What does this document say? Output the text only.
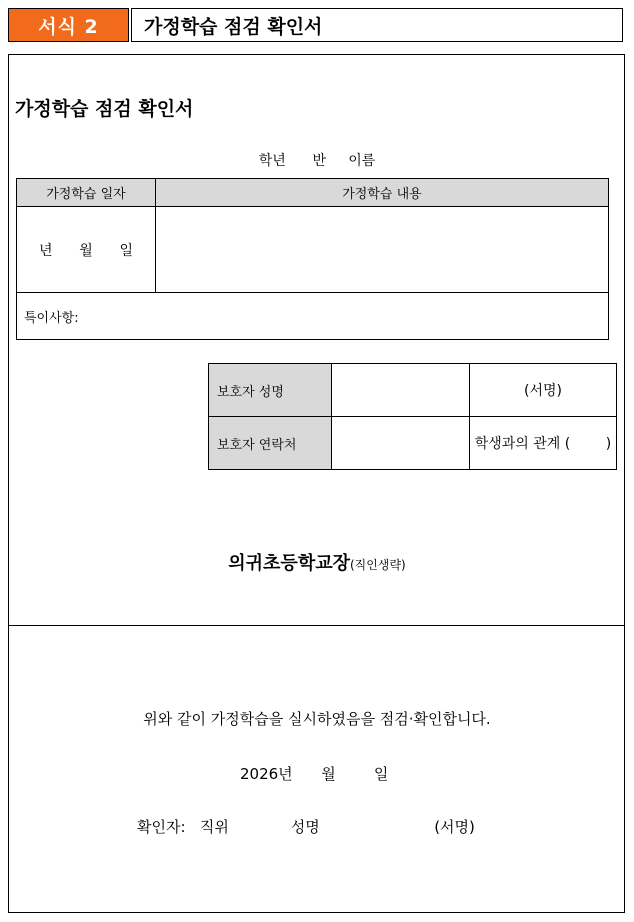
서식 2	가정학습 점검 확인서
가정학습 점검 확인서
학년      반     이름
가정학습 일자	가정학습 내용
년      월      일	
특이사항:	
보호자 성명		(서명)
보호자 연락처		학생과의 관계 (        )
의귀초등학교장(직인생략)
위와 같이 가정학습을 실시하였음을 점검·확인합니다.
2026년      월        일
확인자:   직위             성명                        (서명)
